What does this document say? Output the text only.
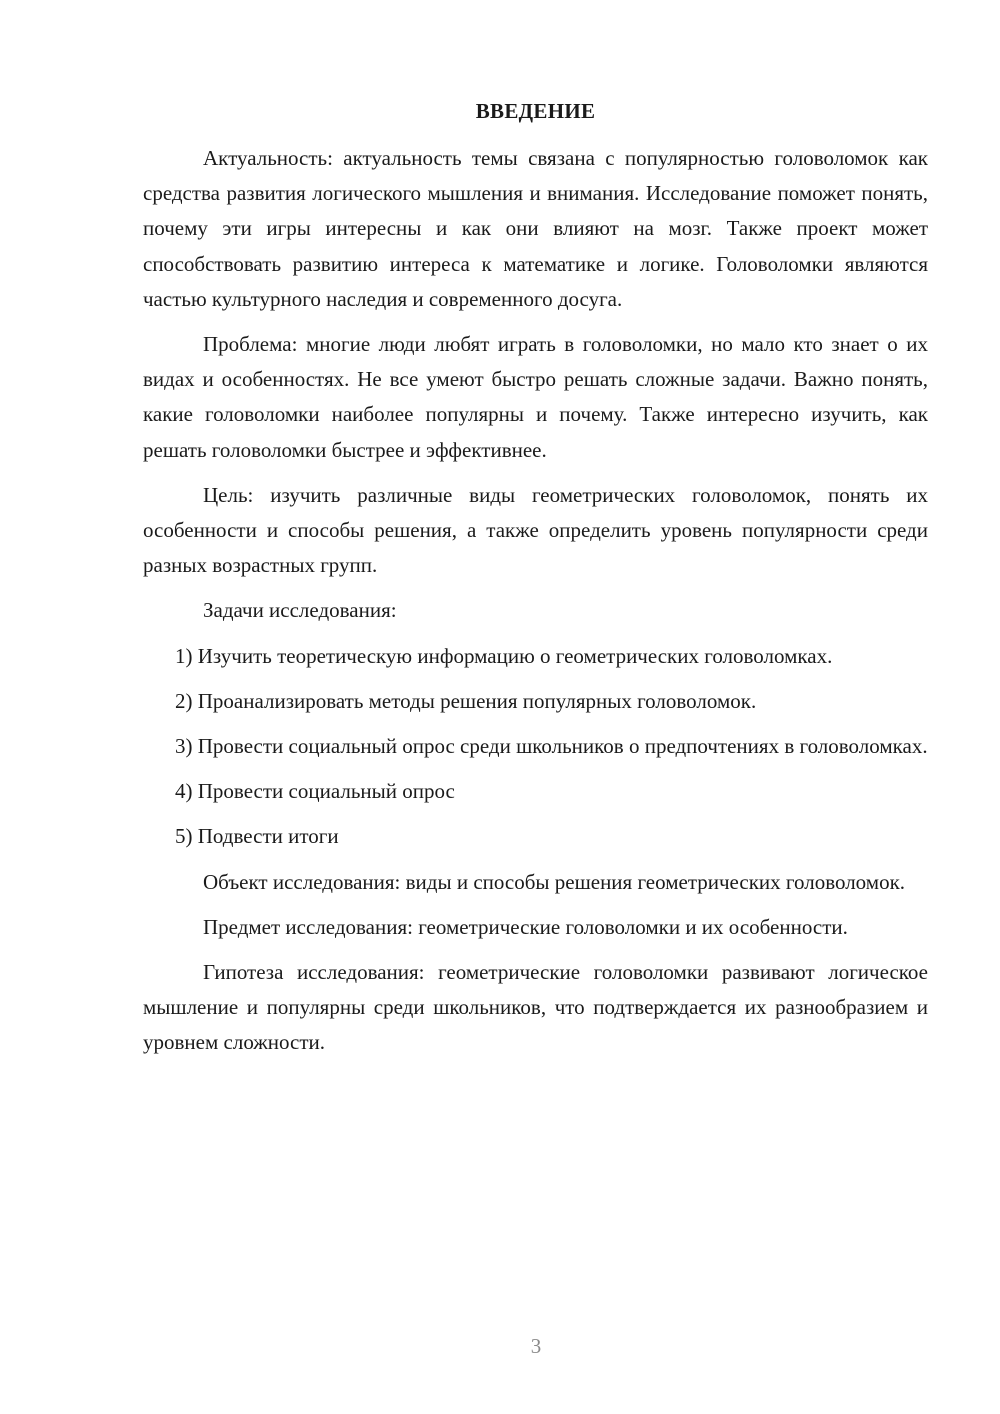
ВВЕДЕНИЕ

Актуальность: актуальность темы связана с популярностью головоломок как средства развития логического мышления и внимания. Исследование поможет понять, почему эти игры интересны и как они влияют на мозг. Также проект может способствовать развитию интереса к математике и логике. Головоломки являются частью культурного наследия и современного досуга.

Проблема: многие люди любят играть в головоломки, но мало кто знает о их видах и особенностях. Не все умеют быстро решать сложные задачи. Важно понять, какие головоломки наиболее популярны и почему. Также интересно изучить, как решать головоломки быстрее и эффективнее.

Цель: изучить различные виды геометрических головоломок, понять их особенности и способы решения, а также определить уровень популярности среди разных возрастных групп.

Задачи исследования:

1) Изучить теоретическую информацию о геометрических головоломках.

2) Проанализировать методы решения популярных головоломок.

3) Провести социальный опрос среди школьников о предпочтениях в головоломках.

4) Провести социальный опрос

5) Подвести итоги

Объект исследования: виды и способы решения геометрических головоломок.

Предмет исследования: геометрические головоломки и их особенности.

Гипотеза исследования: геометрические головоломки развивают логическое мышление и популярны среди школьников, что подтверждается их разнообразием и уровнем сложности.

3
